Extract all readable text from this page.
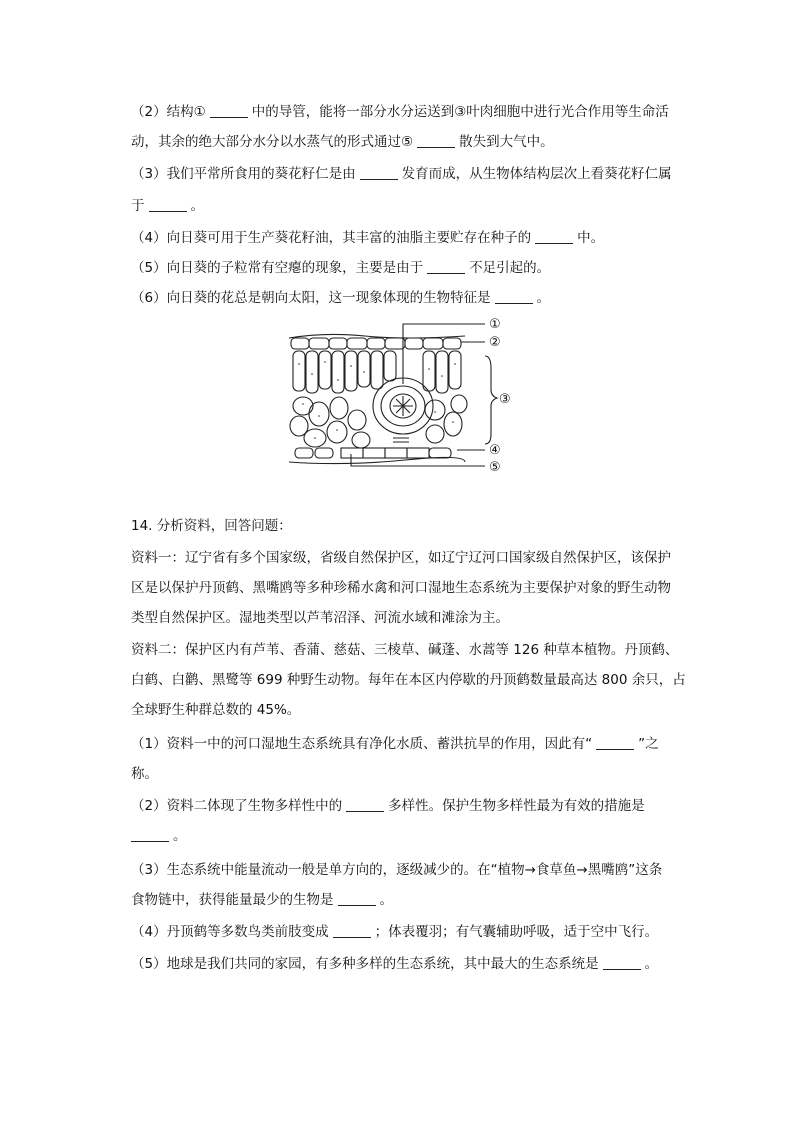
（2）结构①	中的导管，能将一部分水分运送到③叶肉细胞中进行光合作用等生命活
动，其余的绝大部分水分以水蒸气的形式通过⑤	散失到大气中。
（3）我们平常所食用的葵花籽仁是由	发育而成，从生物体结构层次上看葵花籽仁属
于	。
（4）向日葵可用于生产葵花籽油，其丰富的油脂主要贮存在种子的	中。
（5）向日葵的子粒常有空瘪的现象，主要是由于	不足引起的。
（6）向日葵的花总是朝向太阳，这一现象体现的生物特征是	。
①
②
③
④
⑤
14. 分析资料，回答问题：
资料一：辽宁省有多个国家级，省级自然保护区，如辽宁辽河口国家级自然保护区，该保护
区是以保护丹顶鹤、黑嘴鸥等多种珍稀水禽和河口湿地生态系统为主要保护对象的野生动物
类型自然保护区。湿地类型以芦苇沼泽、河流水域和滩涂为主。
资料二：保护区内有芦苇、香蒲、慈菇、三棱草、碱蓬、水蒿等 126 种草本植物。丹顶鹤、
白鹤、白鹳、黑鹭等 699 种野生动物。每年在本区内停歇的丹顶鹤数量最高达 800 余只，占
全球野生种群总数的 45%。
（1）资料一中的河口湿地生态系统具有净化水质、蓄洪抗旱的作用，因此有“	”之
称。
（2）资料二体现了生物多样性中的	多样性。保护生物多样性最为有效的措施是
。
（3）生态系统中能量流动一般是单方向的，逐级减少的。在“植物→食草鱼→黑嘴鸥”这条
食物链中，获得能量最少的生物是	。
（4）丹顶鹤等多数鸟类前肢变成	；体表覆羽；有气囊辅助呼吸，适于空中飞行。
（5）地球是我们共同的家园，有多种多样的生态系统，其中最大的生态系统是	。
